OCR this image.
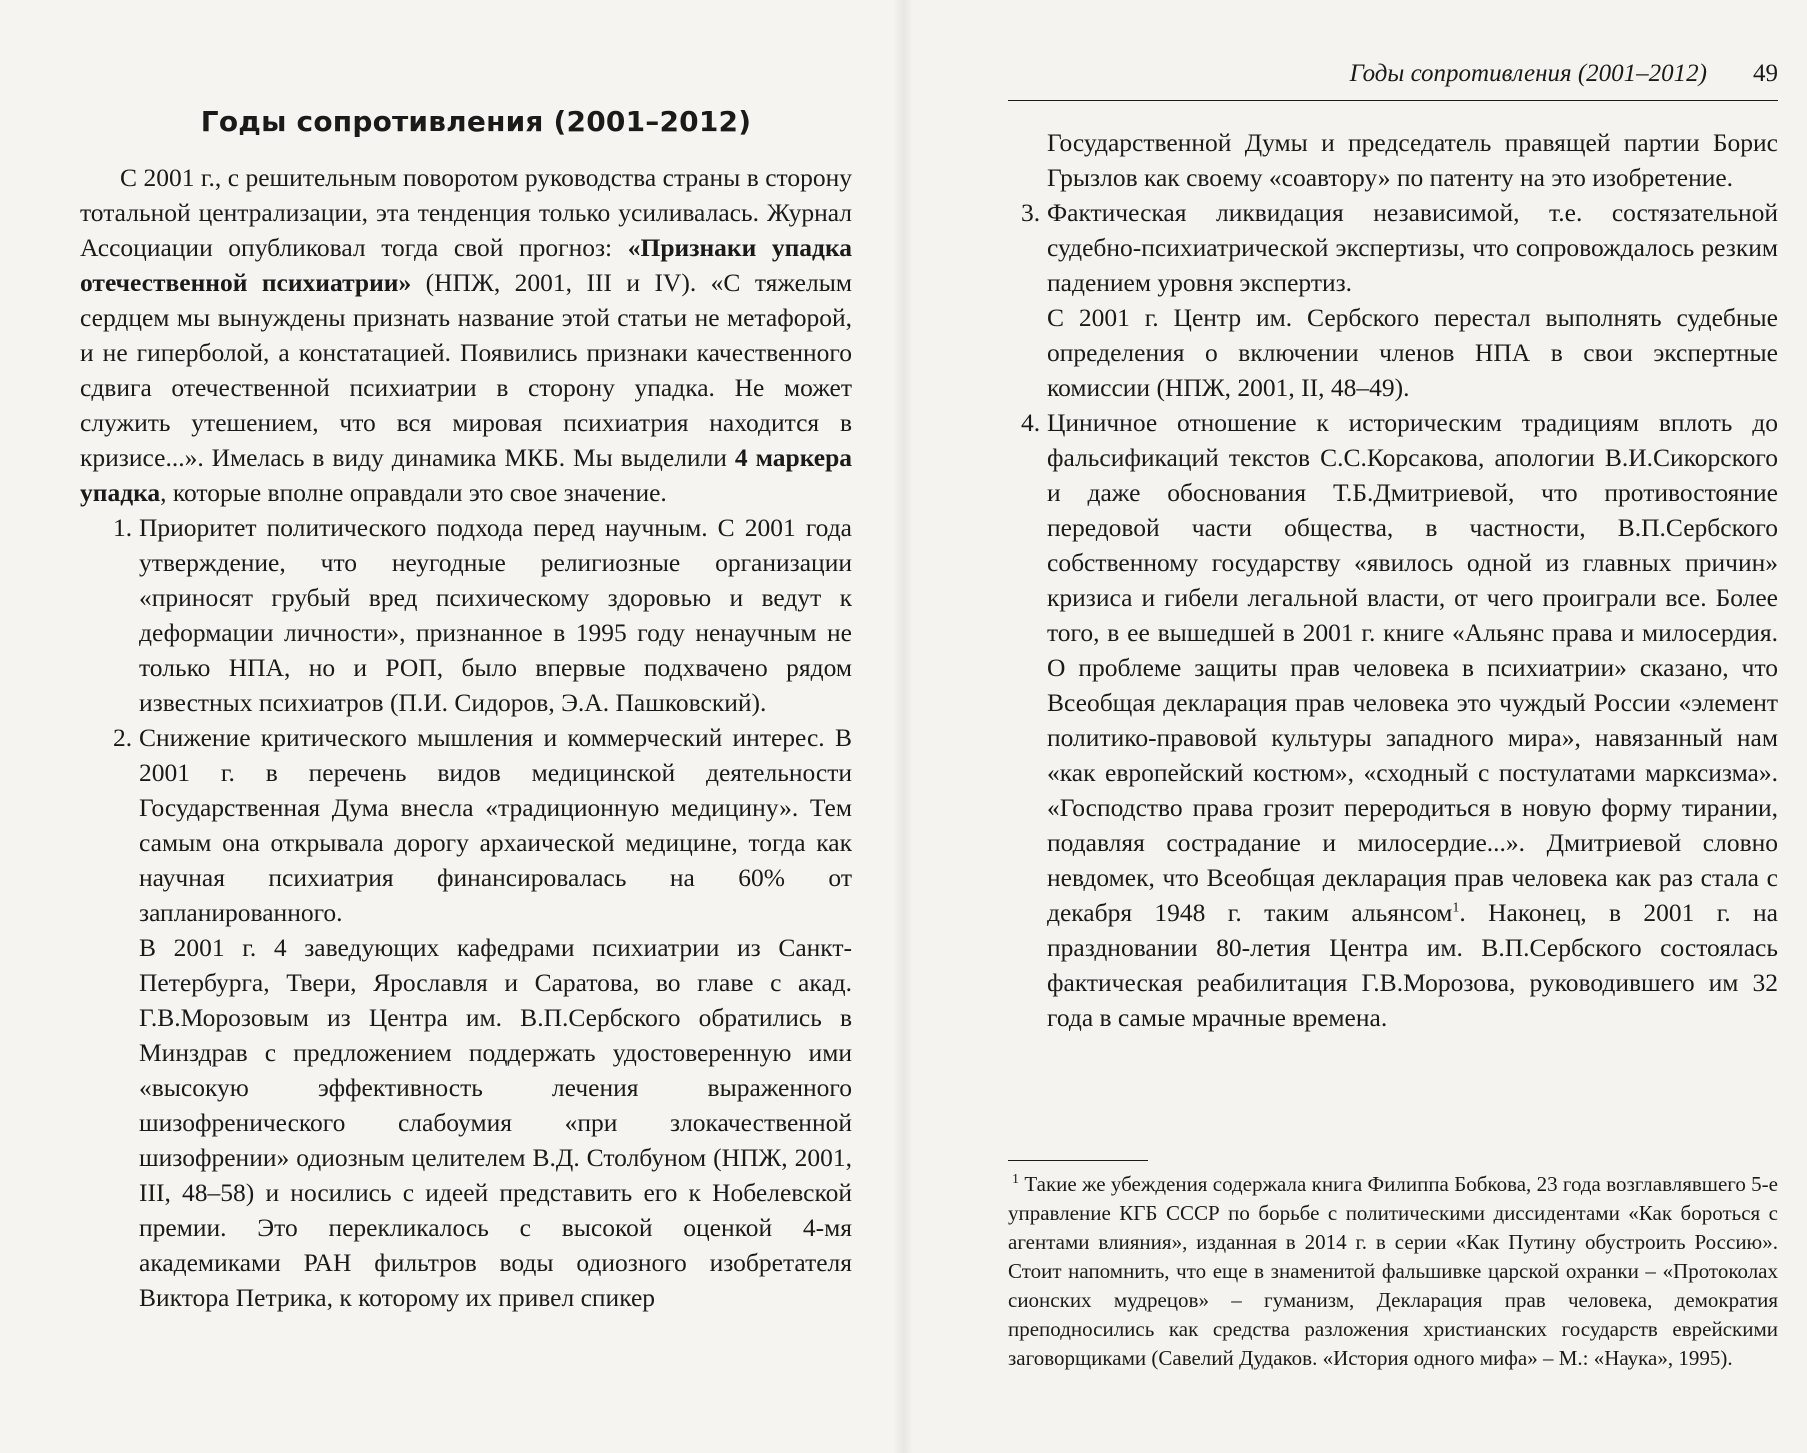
Годы сопротивления (2001–2012)

С 2001 г., с решительным поворотом руководства страны в сторону тотальной централизации, эта тенденция только усиливалась. Журнал Ассоциации опубликовал тогда свой прогноз: «Признаки упадка отечественной психиатрии» (НПЖ, 2001, III и IV). «С тяжелым сердцем мы вынуждены признать название этой статьи не метафорой, и не гиперболой, а констатацией. Появились признаки качественного сдвига отечественной психиатрии в сторону упадка. Не может служить утешением, что вся мировая психиатрия находится в кризисе...». Имелась в виду динамика МКБ. Мы выделили 4 маркера упадка, которые вполне оправдали это свое значение.

1. Приоритет политического подхода перед научным. С 2001 года утверждение, что неугодные религиозные организации «приносят грубый вред психическому здоровью и ведут к деформации личности», признанное в 1995 году ненаучным не только НПА, но и РОП, было впервые подхвачено рядом известных психиатров (П.И. Сидоров, Э.А. Пашковский).

2. Снижение критического мышления и коммерческий интерес. В 2001 г. в перечень видов медицинской деятельности Государственная Дума внесла «традиционную медицину». Тем самым она открывала дорогу архаической медицине, тогда как научная психиатрия финансировалась на 60% от запланированного.

В 2001 г. 4 заведующих кафедрами психиатрии из Санкт-Петербурга, Твери, Ярославля и Саратова, во главе с акад. Г.В.Морозовым из Центра им. В.П.Сербского обратились в Минздрав с предложением поддержать удостоверенную ими «высокую эффективность лечения выраженного шизофренического слабоумия «при злокачественной шизофрении» одиозным целителем В.Д. Столбуном (НПЖ, 2001, III, 48–58) и носились с идеей представить его к Нобелевской премии. Это перекликалось с высокой оценкой 4-мя академиками РАН фильтров воды одиозного изобретателя Виктора Петрика, к которому их привел спикер

Годы сопротивления (2001–2012) 49

Государственной Думы и председатель правящей партии Борис Грызлов как своему «соавтору» по патенту на это изобретение.

3. Фактическая ликвидация независимой, т.е. состязательной судебно-психиатрической экспертизы, что сопровождалось резким падением уровня экспертиз.

С 2001 г. Центр им. Сербского перестал выполнять судебные определения о включении членов НПА в свои экспертные комиссии (НПЖ, 2001, II, 48–49).

4. Циничное отношение к историческим традициям вплоть до фальсификаций текстов С.С.Корсакова, апологии В.И.Сикорского и даже обоснования Т.Б.Дмитриевой, что противостояние передовой части общества, в частности, В.П.Сербского собственному государству «явилось одной из главных причин» кризиса и гибели легальной власти, от чего проиграли все. Более того, в ее вышедшей в 2001 г. книге «Альянс права и милосердия. О проблеме защиты прав человека в психиатрии» сказано, что Всеобщая декларация прав человека это чуждый России «элемент политико-правовой культуры западного мира», навязанный нам «как европейский костюм», «сходный с постулатами марксизма». «Господство права грозит переродиться в новую форму тирании, подавляя сострадание и милосердие...». Дмитриевой словно невдомек, что Всеобщая декларация прав человека как раз стала с декабря 1948 г. таким альянсом$^1$. Наконец, в 2001 г. на праздновании 80-летия Центра им. В.П.Сербского состоялась фактическая реабилитация Г.В.Морозова, руководившего им 32 года в самые мрачные времена.

$^1$ Такие же убеждения содержала книга Филиппа Бобкова, 23 года возглавлявшего 5-е управление КГБ СССР по борьбе с политическими диссидентами «Как бороться с агентами влияния», изданная в 2014 г. в серии «Как Путину обустроить Россию». Стоит напомнить, что еще в знаменитой фальшивке царской охранки – «Протоколах сионских мудрецов» – гуманизм, Декларация прав человека, демократия преподносились как средства разложения христианских государств еврейскими заговорщиками (Савелий Дудаков. «История одного мифа» – М.: «Наука», 1995).
